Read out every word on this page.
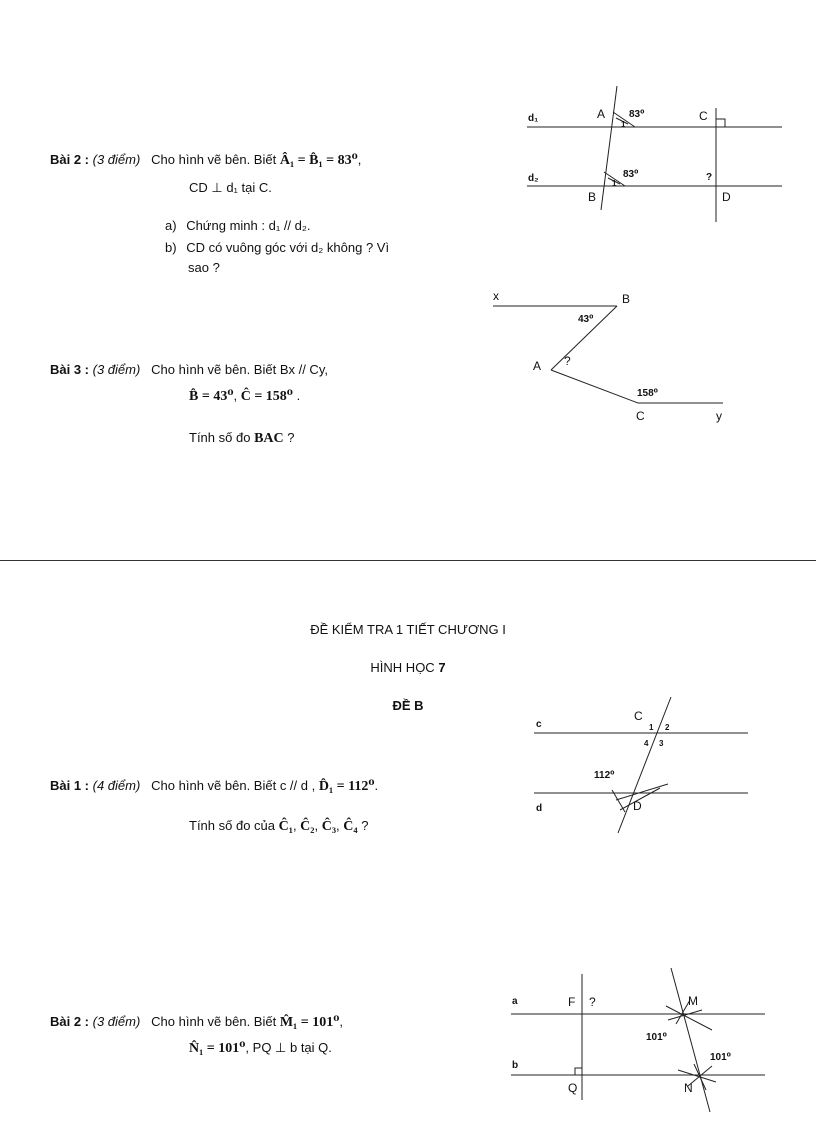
Bài 2 : (3 điểm) Cho hình vẽ bên. Biết Â₁ = B̂₁ = 83⁰,
CD ⊥ d₁ tại C.
a) Chứng minh : d₁ // d₂.
b) CD có vuông góc với d₂ không ? Vì
sao ?
d₁
d₂
A 83⁰	C
83⁰	?
B	D
1
1
Bài 3 : (3 điểm) Cho hình vẽ bên. Biết Bx // Cy,
B̂ = 43⁰, Ĉ = 158⁰ .
Tính số đo BAC ?
x	B
43⁰
A ?
158⁰
C	y
ĐỀ KIỂM TRA 1 TIẾT CHƯƠNG I
HÌNH HỌC 7
ĐỀ B
Bài 1 : (4 điểm) Cho hình vẽ bên. Biết c // d , D̂₁ = 112⁰.
Tính số đo của Ĉ₁, Ĉ₂, Ĉ₃, Ĉ₄ ?
c
d
C
1 2
4 3
112⁰
D
Bài 2 : (3 điểm) Cho hình vẽ bên. Biết M̂₁ = 101⁰,
N̂₁ = 101⁰, PQ ⊥ b tại Q.
a
b
F ?	M
101⁰
101⁰
Q	N
